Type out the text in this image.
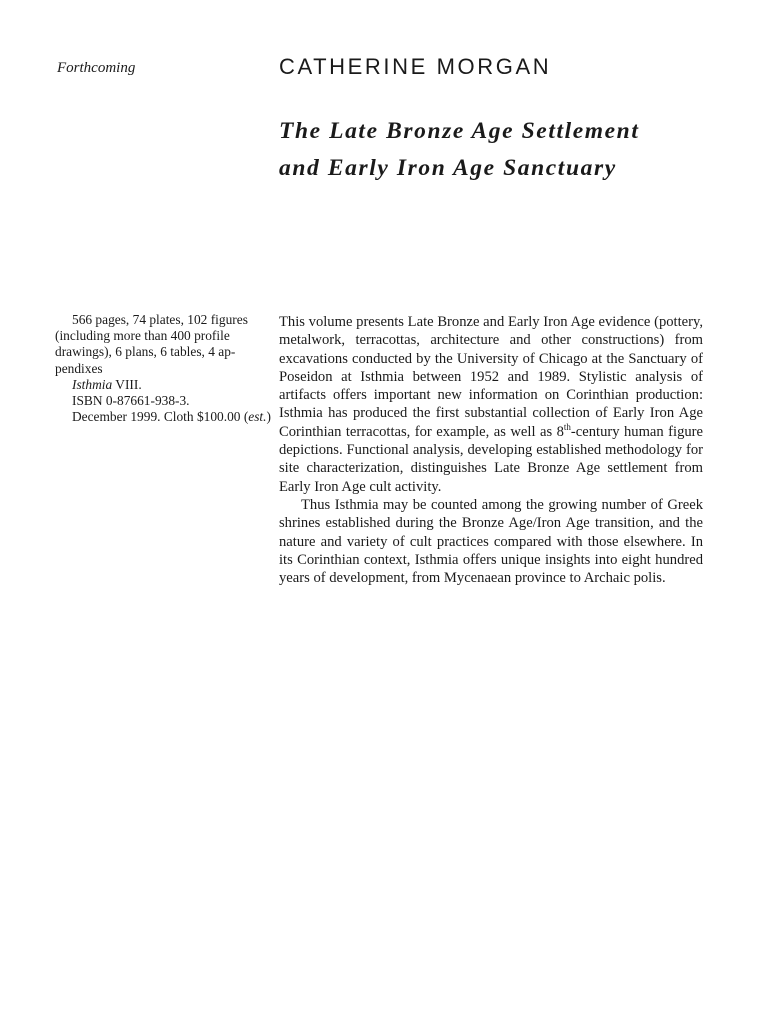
Forthcoming	CATHERINE MORGAN
The Late Bronze Age Settlement
and Early Iron Age Sanctuary
566 pages, 74 plates, 102 figures
(including more than 400 profile
drawings), 6 plans, 6 tables, 4 ap-
pendixes
Isthmia VIII.
ISBN 0-87661-938-3.
December 1999. Cloth $100.00 (est.)

This volume presents Late Bronze and Early Iron Age evidence (pottery, metalwork, terracottas, architecture and other constructions) from excavations conducted by the University of Chicago at the Sanctuary of Poseidon at Isthmia between 1952 and 1989. Stylistic analysis of artifacts offers important new information on Corinthian production: Isthmia has produced the first substantial collection of Early Iron Age Corinthian terracottas, for example, as well as 8th-century human figure depictions. Functional analysis, developing established methodology for site characterization, distinguishes Late Bronze Age settlement from Early Iron Age cult activity.

Thus Isthmia may be counted among the growing number of Greek shrines established during the Bronze Age/Iron Age transition, and the nature and variety of cult practices compared with those elsewhere. In its Corinthian context, Isthmia offers unique insights into eight hundred years of development, from Mycenaean province to Archaic polis.
